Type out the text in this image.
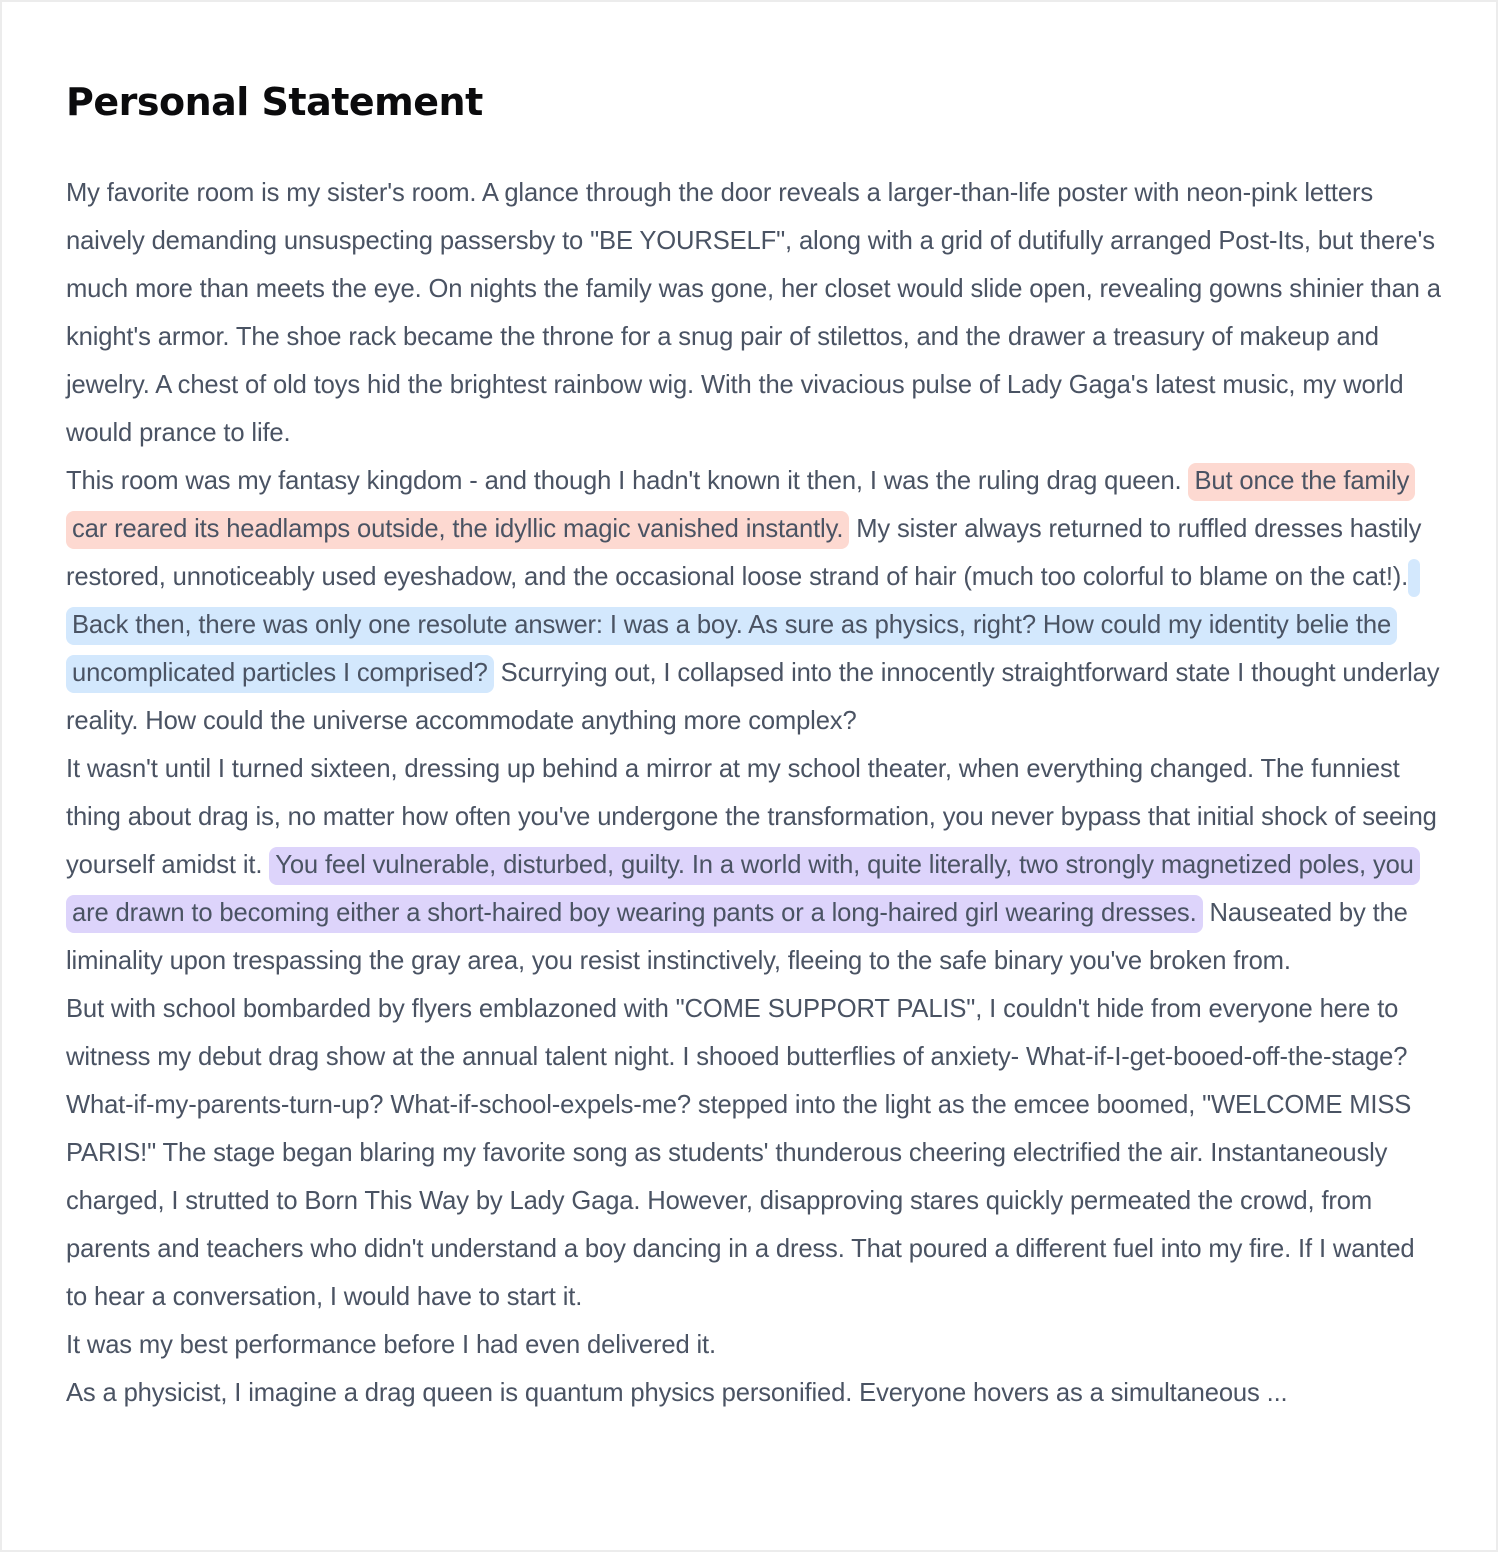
Personal Statement

My favorite room is my sister's room. A glance through the door reveals a larger-than-life poster with neon-pink letters naively demanding unsuspecting passersby to "BE YOURSELF", along with a grid of dutifully arranged Post-Its, but there's much more than meets the eye. On nights the family was gone, her closet would slide open, revealing gowns shinier than a knight's armor. The shoe rack became the throne for a snug pair of stilettos, and the drawer a treasury of makeup and jewelry. A chest of old toys hid the brightest rainbow wig. With the vivacious pulse of Lady Gaga's latest music, my world would prance to life.

This room was my fantasy kingdom - and though I hadn't known it then, I was the ruling drag queen. But once the family car reared its headlamps outside, the idyllic magic vanished instantly. My sister always returned to ruffled dresses hastily restored, unnoticeably used eyeshadow, and the occasional loose strand of hair (much too colorful to blame on the cat!). Back then, there was only one resolute answer: I was a boy. As sure as physics, right? How could my identity belie the uncomplicated particles I comprised? Scurrying out, I collapsed into the innocently straightforward state I thought underlay reality. How could the universe accommodate anything more complex?

It wasn't until I turned sixteen, dressing up behind a mirror at my school theater, when everything changed. The funniest thing about drag is, no matter how often you've undergone the transformation, you never bypass that initial shock of seeing yourself amidst it. You feel vulnerable, disturbed, guilty. In a world with, quite literally, two strongly magnetized poles, you are drawn to becoming either a short-haired boy wearing pants or a long-haired girl wearing dresses. Nauseated by the liminality upon trespassing the gray area, you resist instinctively, fleeing to the safe binary you've broken from.

But with school bombarded by flyers emblazoned with "COME SUPPORT PALIS", I couldn't hide from everyone here to witness my debut drag show at the annual talent night. I shooed butterflies of anxiety- What-if-I-get-booed-off-the-stage? What-if-my-parents-turn-up? What-if-school-expels-me? stepped into the light as the emcee boomed, "WELCOME MISS PARIS!" The stage began blaring my favorite song as students' thunderous cheering electrified the air. Instantaneously charged, I strutted to Born This Way by Lady Gaga. However, disapproving stares quickly permeated the crowd, from parents and teachers who didn't understand a boy dancing in a dress. That poured a different fuel into my fire. If I wanted to hear a conversation, I would have to start it.

It was my best performance before I had even delivered it.

As a physicist, I imagine a drag queen is quantum physics personified. Everyone hovers as a simultaneous ...
